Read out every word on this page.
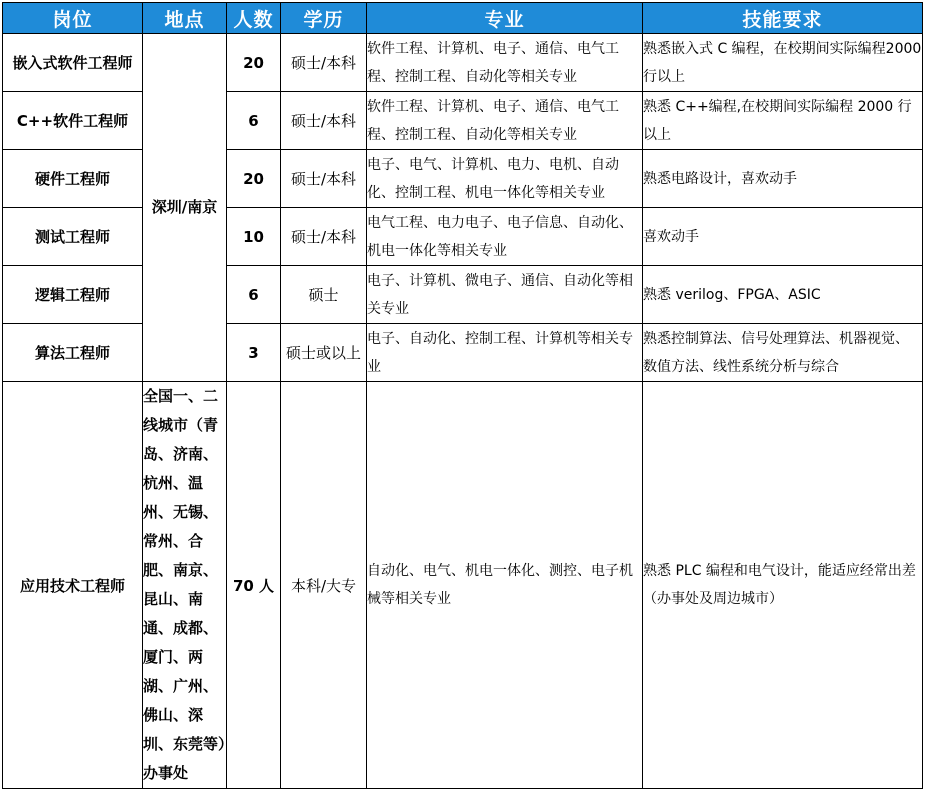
岗位	地点	人数	学历	专业	技能要求
嵌入式软件工程师	深圳/南京	20	硕士/本科	软件工程、计算机、电子、通信、电气工程、控制工程、自动化等相关专业	熟悉嵌入式 C 编程，在校期间实际编程2000 行以上
C++软件工程师		6	硕士/本科	软件工程、计算机、电子、通信、电气工程、控制工程、自动化等相关专业	熟悉 C++编程,在校期间实际编程 2000 行以上
硬件工程师		20	硕士/本科	电子、电气、计算机、电力、电机、自动化、控制工程、机电一体化等相关专业	熟悉电路设计，喜欢动手
测试工程师		10	硕士/本科	电气工程、电力电子、电子信息、自动化、机电一体化等相关专业	喜欢动手
逻辑工程师		6	硕士	电子、计算机、微电子、通信、自动化等相关专业	熟悉 verilog、FPGA、ASIC
算法工程师		3	硕士或以上	电子、自动化、控制工程、计算机等相关专业	熟悉控制算法、信号处理算法、机器视觉、数值方法、线性系统分析与综合
应用技术工程师	全国一、二线城市（青岛、济南、杭州、温州、无锡、常州、合肥、南京、昆山、南通、成都、厦门、两湖、广州、佛山、深圳、东莞等）办事处	70 人	本科/大专	自动化、电气、机电一体化、测控、电子机械等相关专业	熟悉 PLC 编程和电气设计，能适应经常出差（办事处及周边城市）
